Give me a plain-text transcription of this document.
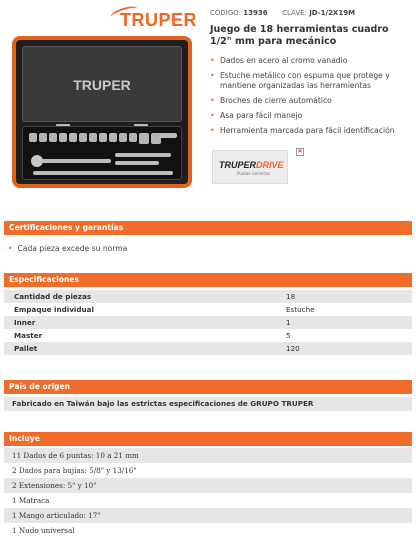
TRUPER
TRUPER
CÓDIGO: 13936 CLAVE: JD-1/2X19M
Juego de 18 herramientas cuadro 1/2" mm para mecánico
• Dados en acero al cromo vanadio
• Estuche metálico con espuma que protege y mantiene organizadas las herramientas
• Broches de cierre automático
• Asa para fácil manejo
• Herramienta marcada para fácil identificación
TRUPERDRIVE
Puntas correctas
✕
Certificaciones y garantías
• Cada pieza excede su norma
Especificaciones
Cantidad de piezas	18
Empaque individual	Estuche
Inner	1
Master	5
Pallet	120
País de origen
Fabricado en Taiwán bajo las estrictas especificaciones de GRUPO TRUPER
Incluye
11 Dados de 6 puntas: 10 a 21 mm
2 Dados para bujías: 5/8" y 13/16"
2 Extensiones: 5" y 10"
1 Matraca
1 Mango articulado: 17"
1 Nudo universal
